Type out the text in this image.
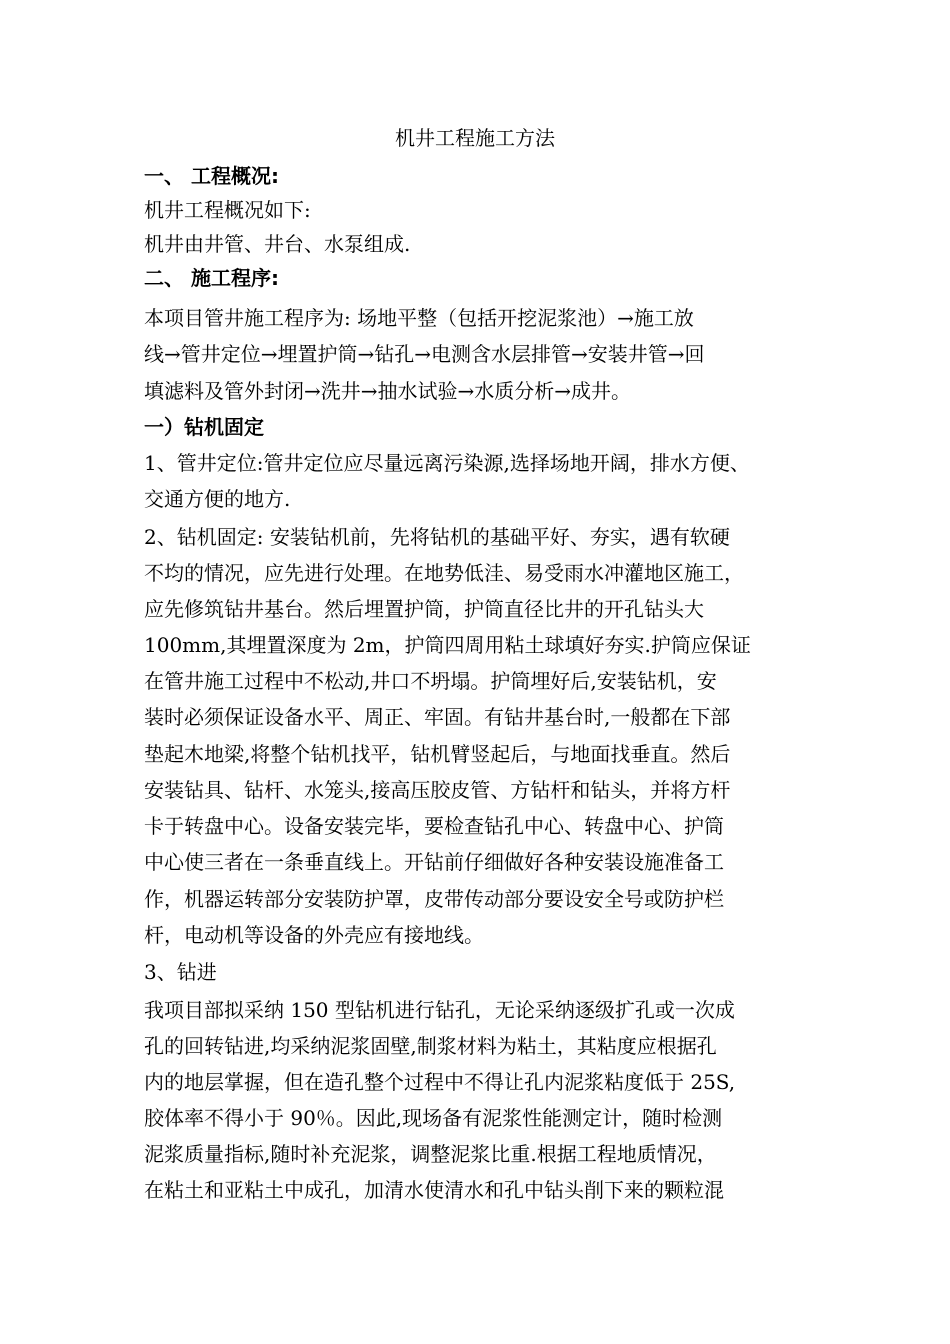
机井工程施工方法
一、 工程概况:
机井工程概况如下:
机井由井管、井台、水泵组成.
二、 施工程序:
本项目管井施工程序为: 场地平整（包括开挖泥浆池）→施工放
线→管井定位→埋置护筒→钻孔→电测含水层排管→安装井管→回
填滤料及管外封闭→洗井→抽水试验→水质分析→成井。
一）钻机固定
1、管井定位:管井定位应尽量远离污染源,选择场地开阔，排水方便、
交通方便的地方.
2、钻机固定: 安装钻机前，先将钻机的基础平好、夯实，遇有软硬
不均的情况，应先进行处理。在地势低洼、易受雨水冲灌地区施工，
应先修筑钻井基台。然后埋置护筒，护筒直径比井的开孔钻头大
100mm,其埋置深度为 2m，护筒四周用粘土球填好夯实.护筒应保证
在管井施工过程中不松动,井口不坍塌。护筒埋好后,安装钻机，安
装时必须保证设备水平、周正、牢固。有钻井基台时,一般都在下部
垫起木地梁,将整个钻机找平，钻机臂竖起后，与地面找垂直。然后
安装钻具、钻杆、水笼头,接高压胶皮管、方钻杆和钻头，并将方杆
卡于转盘中心。设备安装完毕，要检查钻孔中心、转盘中心、护筒
中心使三者在一条垂直线上。开钻前仔细做好各种安装设施准备工
作，机器运转部分安装防护罩，皮带传动部分要设安全号或防护栏
杆，电动机等设备的外壳应有接地线。
3、钻进
我项目部拟采纳 150 型钻机进行钻孔，无论采纳逐级扩孔或一次成
孔的回转钻进,均采纳泥浆固壁,制浆材料为粘土，其粘度应根据孔
内的地层掌握，但在造孔整个过程中不得让孔内泥浆粘度低于 25S,
胶体率不得小于 90％。因此,现场备有泥浆性能测定计，随时检测
泥浆质量指标,随时补充泥浆，调整泥浆比重.根据工程地质情况，
在粘土和亚粘土中成孔，加清水使清水和孔中钻头削下来的颗粒混
